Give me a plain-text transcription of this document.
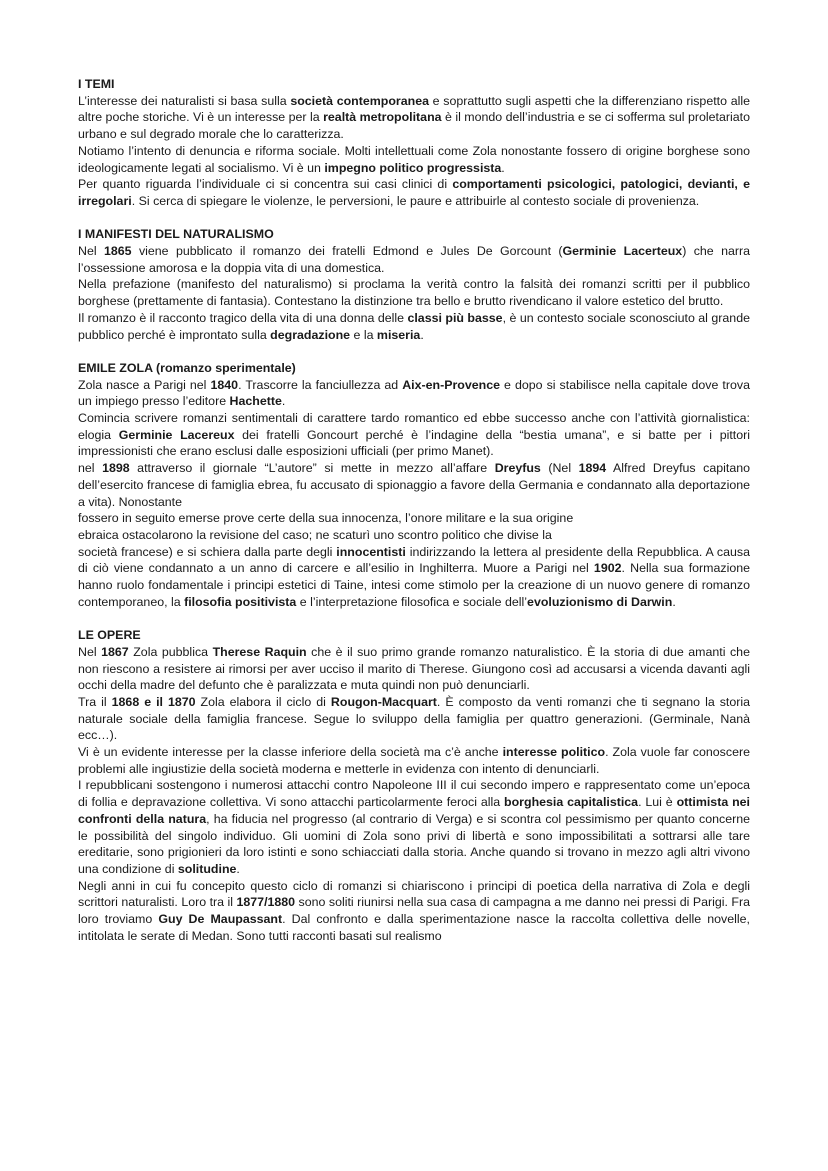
I TEMI

L’interesse dei naturalisti si basa sulla società contemporanea e soprattutto sugli aspetti che la differenziano rispetto alle altre poche storiche. Vi è un interesse per la realtà metropolitana è il mondo dell’industria e se ci sofferma sul proletariato urbano e sul degrado morale che lo caratterizza.

Notiamo l’intento di denuncia e riforma sociale. Molti intellettuali come Zola nonostante fossero di origine borghese sono ideologicamente legati al socialismo. Vi è un impegno politico progressista.

Per quanto riguarda l’individuale ci si concentra sui casi clinici di comportamenti psicologici, patologici, devianti, e irregolari. Si cerca di spiegare le violenze, le perversioni, le paure e attribuirle al contesto sociale di provenienza.

I MANIFESTI DEL NATURALISMO

Nel 1865 viene pubblicato il romanzo dei fratelli Edmond e Jules De Gorcount (Germinie Lacerteux) che narra l’ossessione amorosa e la doppia vita di una domestica.

Nella prefazione (manifesto del naturalismo) si proclama la verità contro la falsità dei romanzi scritti per il pubblico borghese (prettamente di fantasia). Contestano la distinzione tra bello e brutto rivendicano il valore estetico del brutto.

Il romanzo è il racconto tragico della vita di una donna delle classi più basse, è un contesto sociale sconosciuto al grande pubblico perché è improntato sulla degradazione e la miseria.

EMILE ZOLA (romanzo sperimentale)

Zola nasce a Parigi nel 1840. Trascorre la fanciullezza ad Aix-en-Provence e dopo si stabilisce nella capitale dove trova un impiego presso l’editore Hachette.

Comincia scrivere romanzi sentimentali di carattere tardo romantico ed ebbe successo anche con l’attività giornalistica: elogia Germinie Lacereux dei fratelli Goncourt perché è l’indagine della “bestia umana”, e si batte per i pittori impressionisti che erano esclusi dalle esposizioni ufficiali (per primo Manet).

nel 1898 attraverso il giornale “L’autore” si mette in mezzo all’affare Dreyfus (Nel 1894 Alfred Dreyfus capitano dell’esercito francese di famiglia ebrea, fu accusato di spionaggio a favore della Germania e condannato alla deportazione a vita). Nonostante

fossero in seguito emerse prove certe della sua innocenza, l’onore militare e la sua origine

ebraica ostacolarono la revisione del caso; ne scaturì uno scontro politico che divise la

società francese) e si schiera dalla parte degli innocentisti indirizzando la lettera al presidente della Repubblica. A causa di ciò viene condannato a un anno di carcere e all’esilio in Inghilterra. Muore a Parigi nel 1902. Nella sua formazione hanno ruolo fondamentale i principi estetici di Taine, intesi come stimolo per la creazione di un nuovo genere di romanzo contemporaneo, la filosofia positivista e l’interpretazione filosofica e sociale dell’evoluzionismo di Darwin.

LE OPERE

Nel 1867 Zola pubblica Therese Raquin che è il suo primo grande romanzo naturalistico. È la storia di due amanti che non riescono a resistere ai rimorsi per aver ucciso il marito di Therese. Giungono così ad accusarsi a vicenda davanti agli occhi della madre del defunto che è paralizzata e muta quindi non può denunciarli.

Tra il 1868 e il 1870 Zola elabora il ciclo di Rougon-Macquart. È composto da venti romanzi che ti segnano la storia naturale sociale della famiglia francese. Segue lo sviluppo della famiglia per quattro generazioni. (Germinale, Nanà ecc…).

Vi è un evidente interesse per la classe inferiore della società ma c’è anche interesse politico. Zola vuole far conoscere problemi alle ingiustizie della società moderna e metterle in evidenza con intento di denunciarli.

I repubblicani sostengono i numerosi attacchi contro Napoleone III il cui secondo impero e rappresentato come un’epoca di follia e depravazione collettiva. Vi sono attacchi particolarmente feroci alla borghesia capitalistica. Lui è ottimista nei confronti della natura, ha fiducia nel progresso (al contrario di Verga) e si scontra col pessimismo per quanto concerne le possibilità del singolo individuo. Gli uomini di Zola sono privi di libertà e sono impossibilitati a sottrarsi alle tare ereditarie, sono prigionieri da loro istinti e sono schiacciati dalla storia. Anche quando si trovano in mezzo agli altri vivono una condizione di solitudine.

Negli anni in cui fu concepito questo ciclo di romanzi si chiariscono i principi di poetica della narrativa di Zola e degli scrittori naturalisti. Loro tra il 1877/1880 sono soliti riunirsi nella sua casa di campagna a me danno nei pressi di Parigi. Fra loro troviamo Guy De Maupassant. Dal confronto e dalla sperimentazione nasce la raccolta collettiva delle novelle, intitolata le serate di Medan. Sono tutti racconti basati sul realismo
